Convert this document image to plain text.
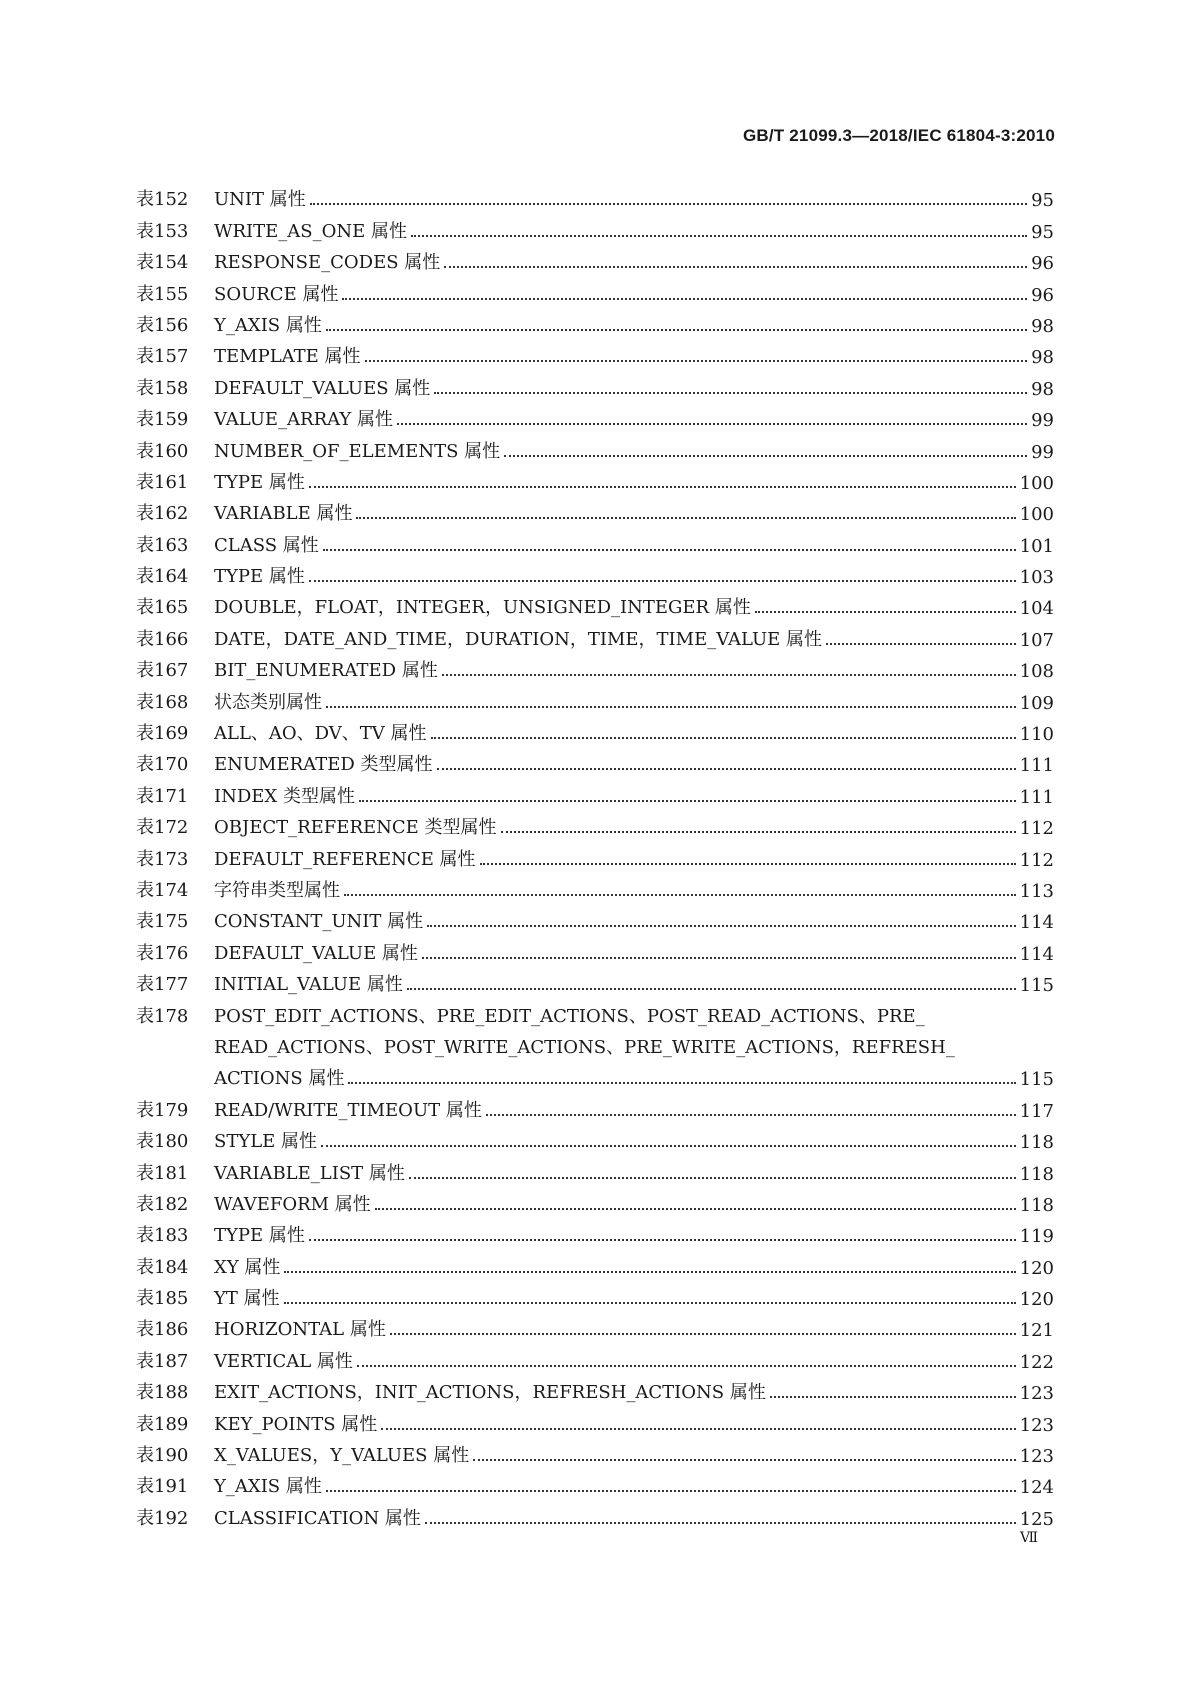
GB/T 21099.3—2018/IEC 61804-3:2010
表152	UNIT 属性	95
表153	WRITE_AS_ONE 属性	95
表154	RESPONSE_CODES 属性	96
表155	SOURCE 属性	96
表156	Y_AXIS 属性	98
表157	TEMPLATE 属性	98
表158	DEFAULT_VALUES 属性	98
表159	VALUE_ARRAY 属性	99
表160	NUMBER_OF_ELEMENTS 属性	99
表161	TYPE 属性	100
表162	VARIABLE 属性	100
表163	CLASS 属性	101
表164	TYPE 属性	103
表165	DOUBLE，FLOAT，INTEGER，UNSIGNED_INTEGER 属性	104
表166	DATE，DATE_AND_TIME，DURATION，TIME，TIME_VALUE 属性	107
表167	BIT_ENUMERATED 属性	108
表168	状态类别属性	109
表169	ALL、AO、DV、TV 属性	110
表170	ENUMERATED 类型属性	111
表171	INDEX 类型属性	111
表172	OBJECT_REFERENCE 类型属性	112
表173	DEFAULT_REFERENCE 属性	112
表174	字符串类型属性	113
表175	CONSTANT_UNIT 属性	114
表176	DEFAULT_VALUE 属性	114
表177	INITIAL_VALUE 属性	115
表178	POST_EDIT_ACTIONS、PRE_EDIT_ACTIONS、POST_READ_ACTIONS、PRE_
READ_ACTIONS、POST_WRITE_ACTIONS、PRE_WRITE_ACTIONS，REFRESH_
ACTIONS 属性	115
表179	READ/WRITE_TIMEOUT 属性	117
表180	STYLE 属性	118
表181	VARIABLE_LIST 属性	118
表182	WAVEFORM 属性	118
表183	TYPE 属性	119
表184	XY 属性	120
表185	YT 属性	120
表186	HORIZONTAL 属性	121
表187	VERTICAL 属性	122
表188	EXIT_ACTIONS，INIT_ACTIONS，REFRESH_ACTIONS 属性	123
表189	KEY_POINTS 属性	123
表190	X_VALUES，Y_VALUES 属性	123
表191	Y_AXIS 属性	124
表192	CLASSIFICATION 属性	125
Ⅶ
